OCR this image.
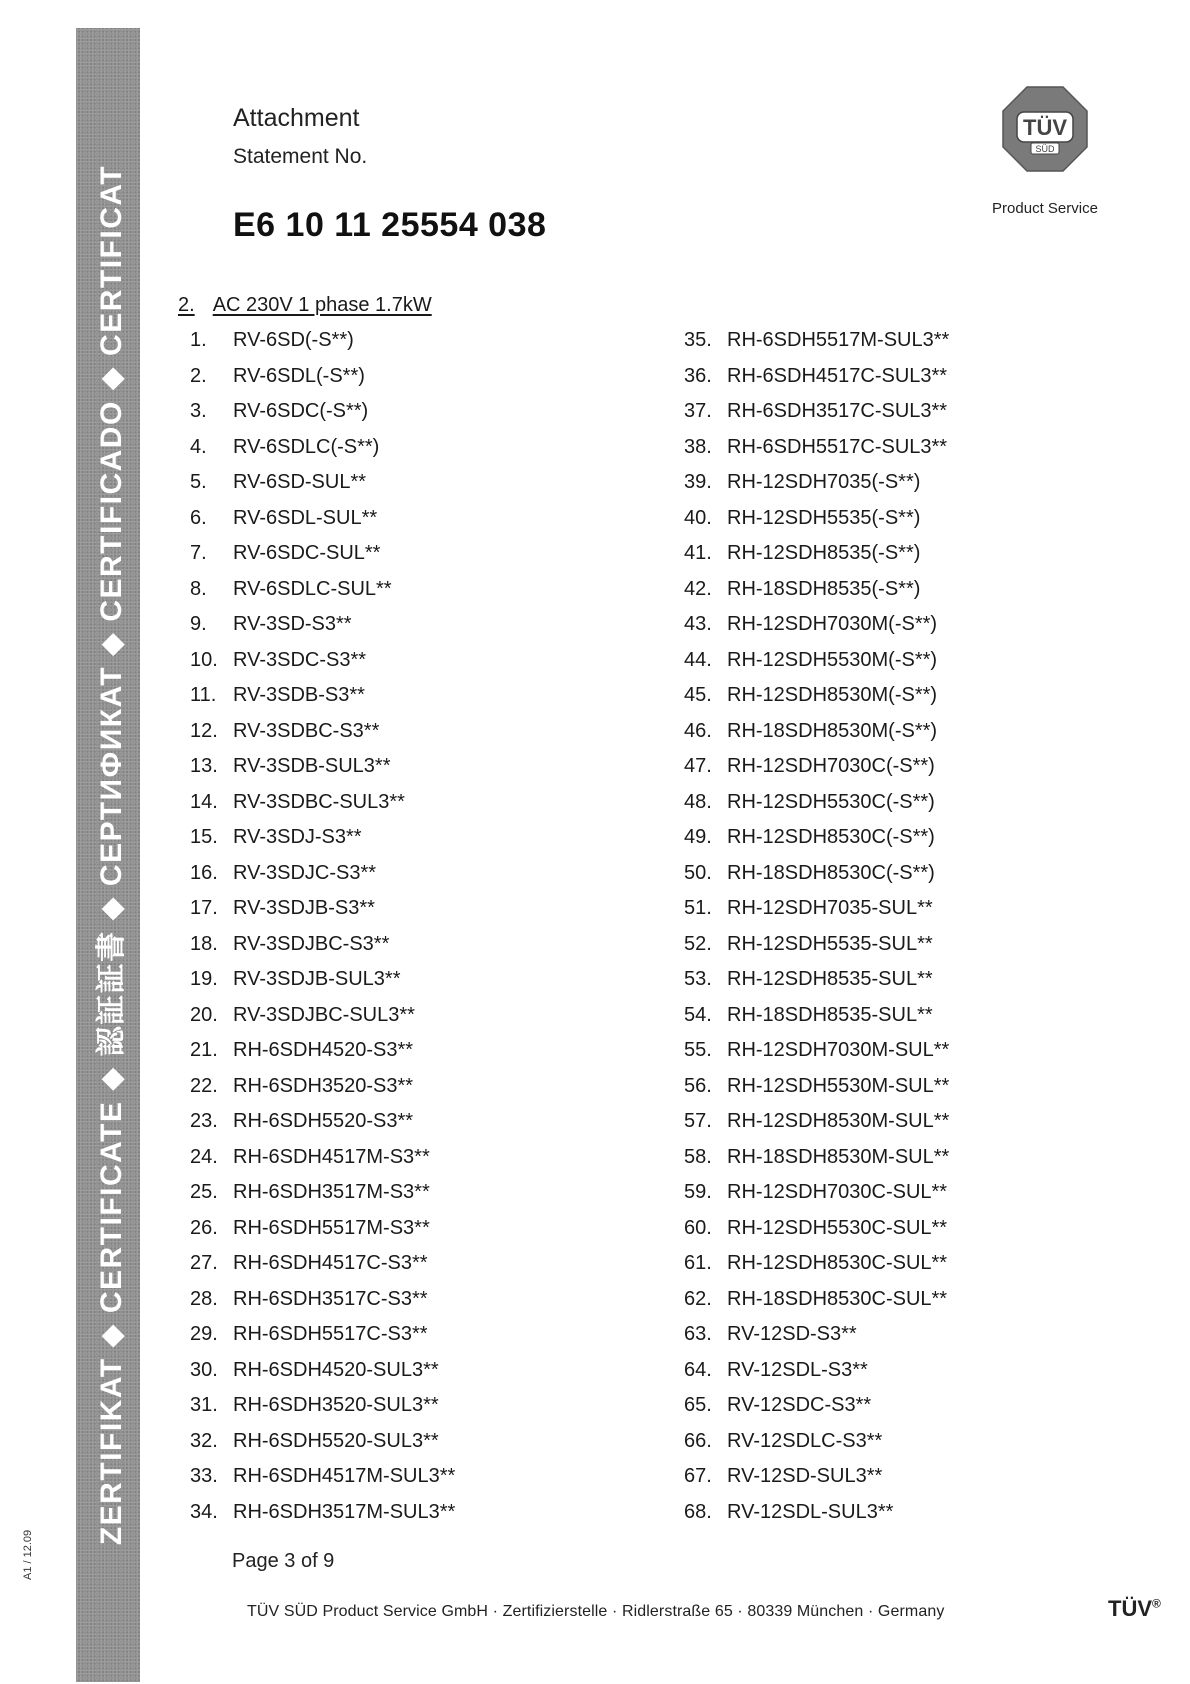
ZERTIFIKAT ◆ CERTIFICATE ◆ 認証証書 ◆ СЕРТИФИКАТ ◆ CERTIFICADO ◆ CERTIFICAT
A1 / 12.09
Attachment
Statement No.
E6 10 11 25554 038
TÜV
SÜD
Product Service
2. AC 230V 1 phase 1.7kW
1. RV-6SD(-S**)
2. RV-6SDL(-S**)
3. RV-6SDC(-S**)
4. RV-6SDLC(-S**)
5. RV-6SD-SUL**
6. RV-6SDL-SUL**
7. RV-6SDC-SUL**
8. RV-6SDLC-SUL**
9. RV-3SD-S3**
10. RV-3SDC-S3**
11. RV-3SDB-S3**
12. RV-3SDBC-S3**
13. RV-3SDB-SUL3**
14. RV-3SDBC-SUL3**
15. RV-3SDJ-S3**
16. RV-3SDJC-S3**
17. RV-3SDJB-S3**
18. RV-3SDJBC-S3**
19. RV-3SDJB-SUL3**
20. RV-3SDJBC-SUL3**
21. RH-6SDH4520-S3**
22. RH-6SDH3520-S3**
23. RH-6SDH5520-S3**
24. RH-6SDH4517M-S3**
25. RH-6SDH3517M-S3**
26. RH-6SDH5517M-S3**
27. RH-6SDH4517C-S3**
28. RH-6SDH3517C-S3**
29. RH-6SDH5517C-S3**
30. RH-6SDH4520-SUL3**
31. RH-6SDH3520-SUL3**
32. RH-6SDH5520-SUL3**
33. RH-6SDH4517M-SUL3**
34. RH-6SDH3517M-SUL3**
35. RH-6SDH5517M-SUL3**
36. RH-6SDH4517C-SUL3**
37. RH-6SDH3517C-SUL3**
38. RH-6SDH5517C-SUL3**
39. RH-12SDH7035(-S**)
40. RH-12SDH5535(-S**)
41. RH-12SDH8535(-S**)
42. RH-18SDH8535(-S**)
43. RH-12SDH7030M(-S**)
44. RH-12SDH5530M(-S**)
45. RH-12SDH8530M(-S**)
46. RH-18SDH8530M(-S**)
47. RH-12SDH7030C(-S**)
48. RH-12SDH5530C(-S**)
49. RH-12SDH8530C(-S**)
50. RH-18SDH8530C(-S**)
51. RH-12SDH7035-SUL**
52. RH-12SDH5535-SUL**
53. RH-12SDH8535-SUL**
54. RH-18SDH8535-SUL**
55. RH-12SDH7030M-SUL**
56. RH-12SDH5530M-SUL**
57. RH-12SDH8530M-SUL**
58. RH-18SDH8530M-SUL**
59. RH-12SDH7030C-SUL**
60. RH-12SDH5530C-SUL**
61. RH-12SDH8530C-SUL**
62. RH-18SDH8530C-SUL**
63. RV-12SD-S3**
64. RV-12SDL-S3**
65. RV-12SDC-S3**
66. RV-12SDLC-S3**
67. RV-12SD-SUL3**
68. RV-12SDL-SUL3**
Page 3 of 9
TÜV SÜD Product Service GmbH · Zertifizierstelle · Ridlerstraße 65 · 80339 München · Germany	TÜV®
